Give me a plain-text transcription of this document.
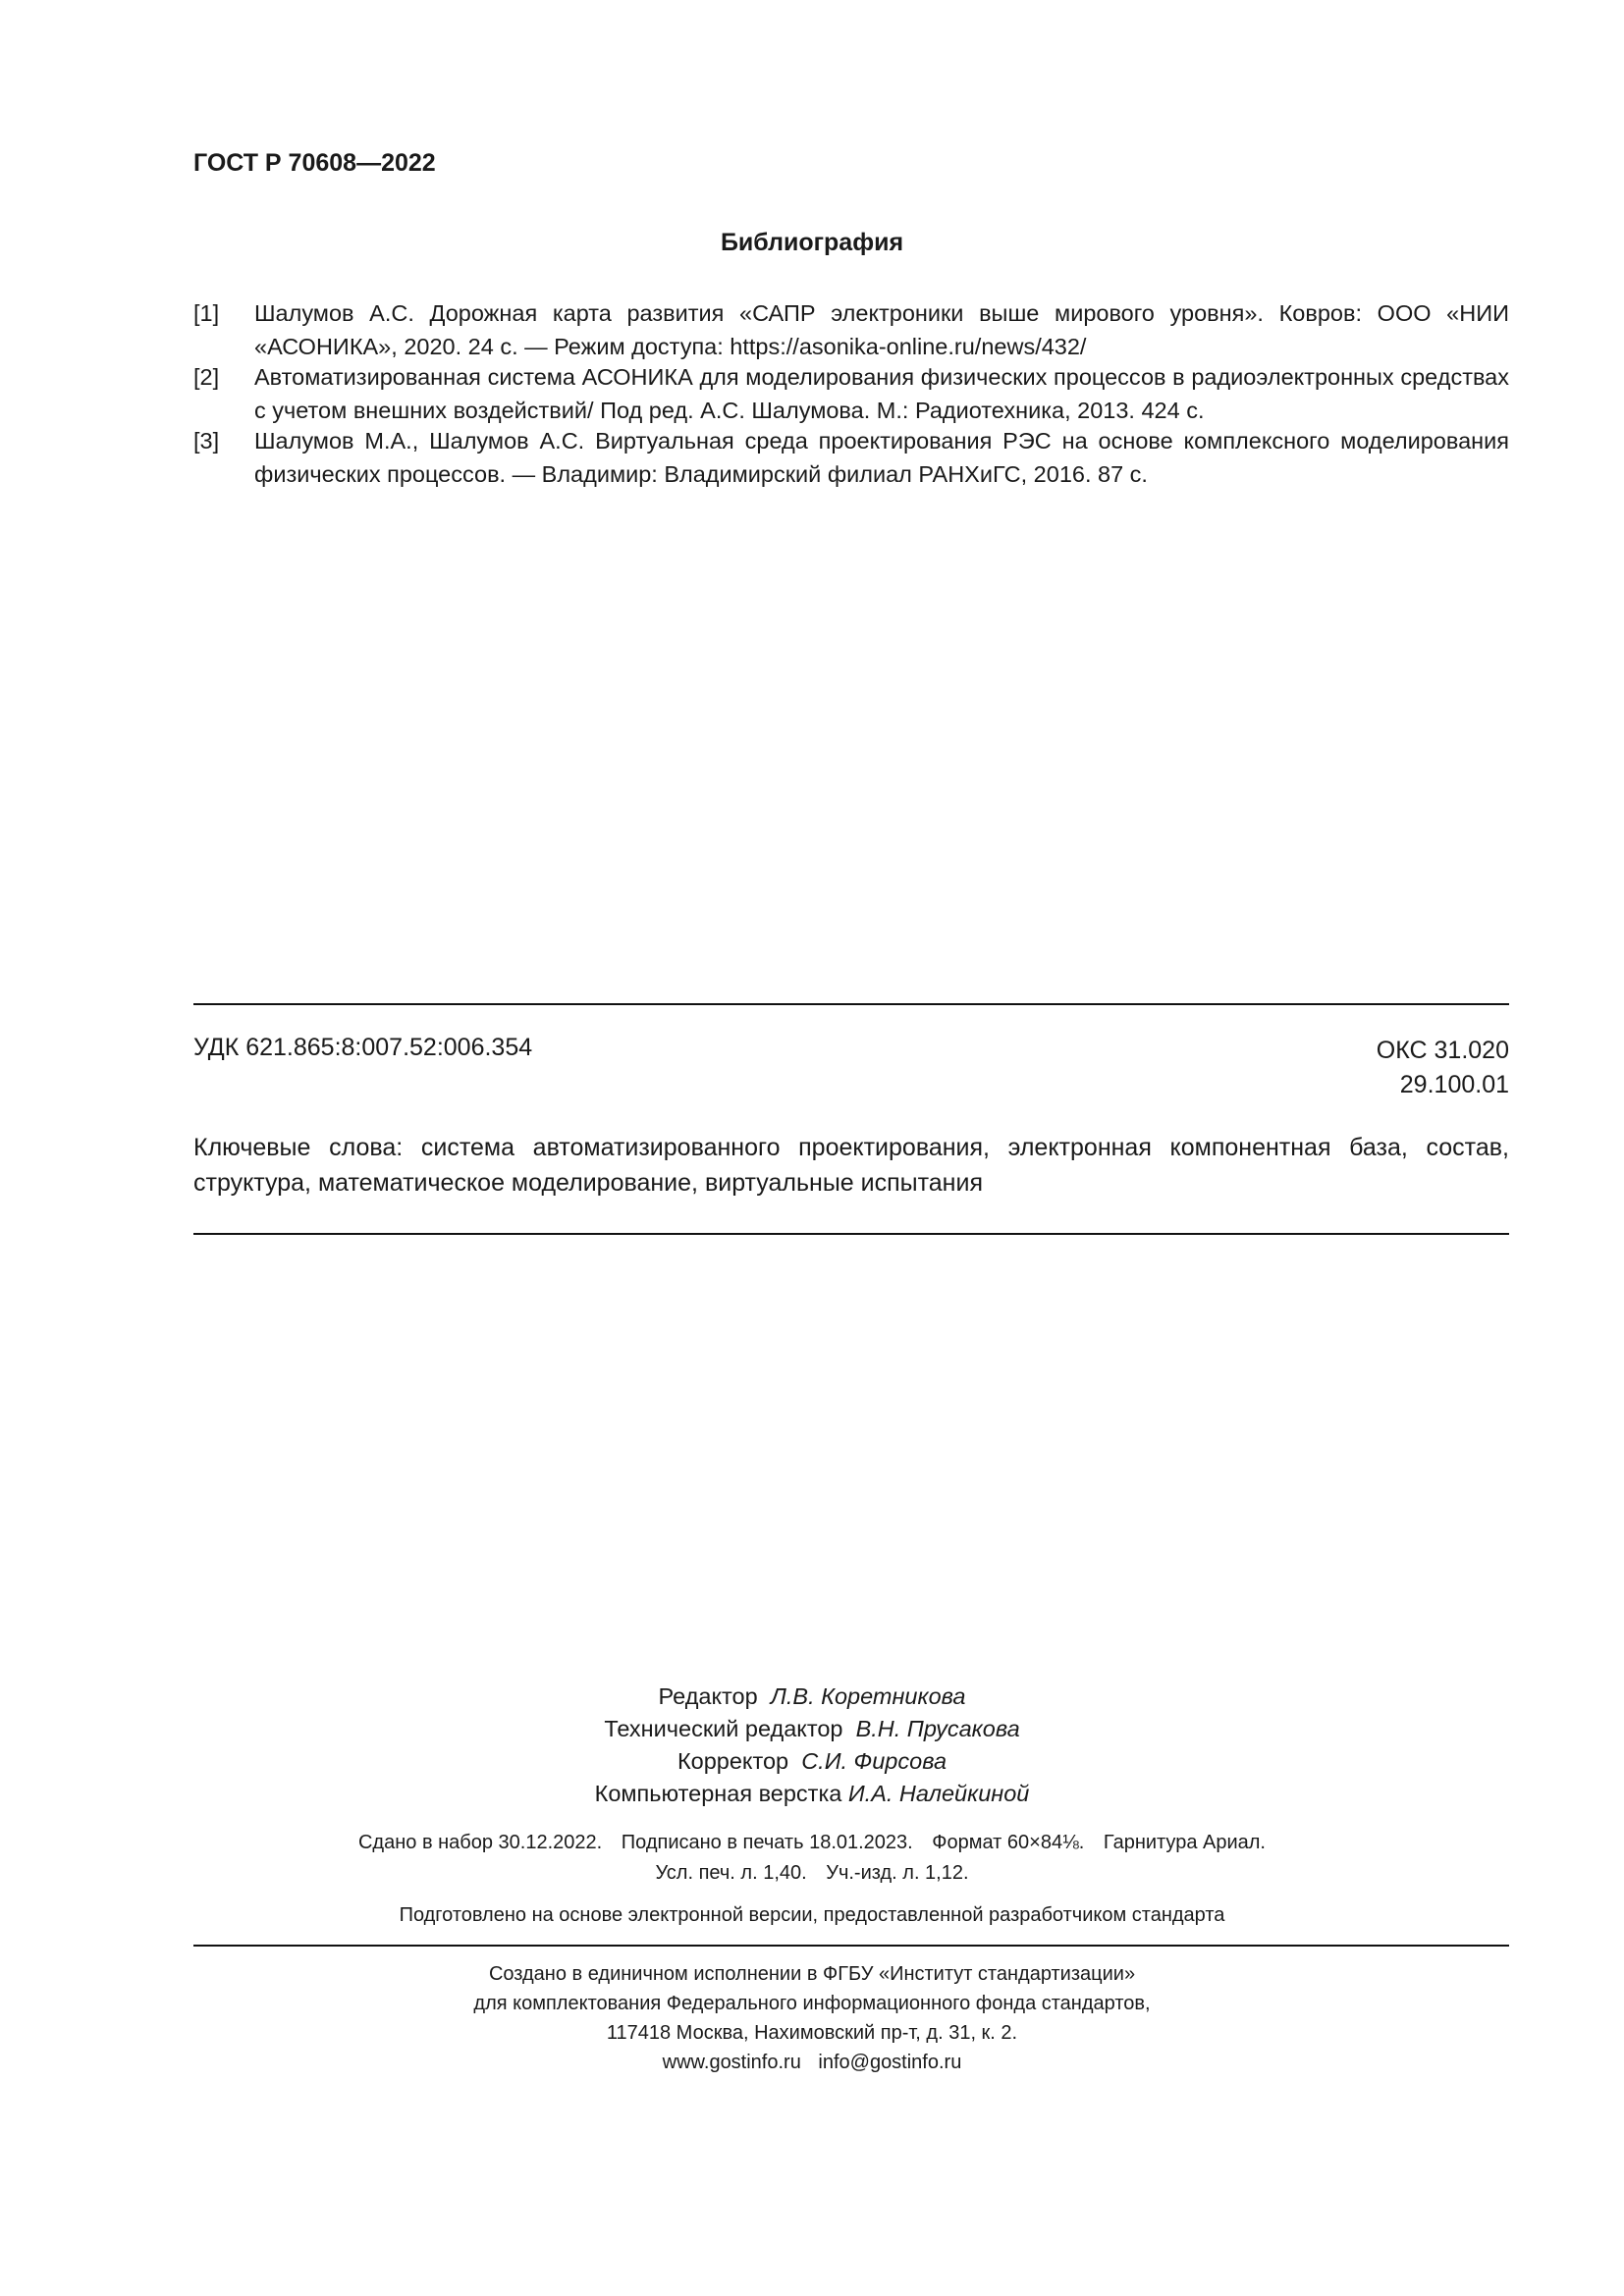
ГОСТ Р 70608—2022
Библиография
[1] Шалумов А.С. Дорожная карта развития «САПР электроники выше мирового уровня». Ковров: ООО «НИИ «АСОНИКА», 2020. 24 с. — Режим доступа: https://asonika-online.ru/news/432/
[2] Автоматизированная система АСОНИКА для моделирования физических процессов в радиоэлектронных средствах с учетом внешних воздействий/ Под ред. А.С. Шалумова. М.: Радиотехника, 2013. 424 с.
[3] Шалумов М.А., Шалумов А.С. Виртуальная среда проектирования РЭС на основе комплексного моделирования физических процессов. — Владимир: Владимирский филиал РАНХиГС, 2016. 87 с.
УДК 621.865:8:007.52:006.354	ОКС 31.020
29.100.01
Ключевые слова: система автоматизированного проектирования, электронная компонентная база, состав, структура, математическое моделирование, виртуальные испытания
Редактор Л.В. Коретникова
Технический редактор В.Н. Прусакова
Корректор С.И. Фирсова
Компьютерная верстка И.А. Налейкиной
Сдано в набор 30.12.2022. Подписано в печать 18.01.2023. Формат 60×84⅛. Гарнитура Ариал.
Усл. печ. л. 1,40. Уч.-изд. л. 1,12.
Подготовлено на основе электронной версии, предоставленной разработчиком стандарта
Создано в единичном исполнении в ФГБУ «Институт стандартизации»
для комплектования Федерального информационного фонда стандартов,
117418 Москва, Нахимовский пр-т, д. 31, к. 2.
www.gostinfo.ru info@gostinfo.ru
